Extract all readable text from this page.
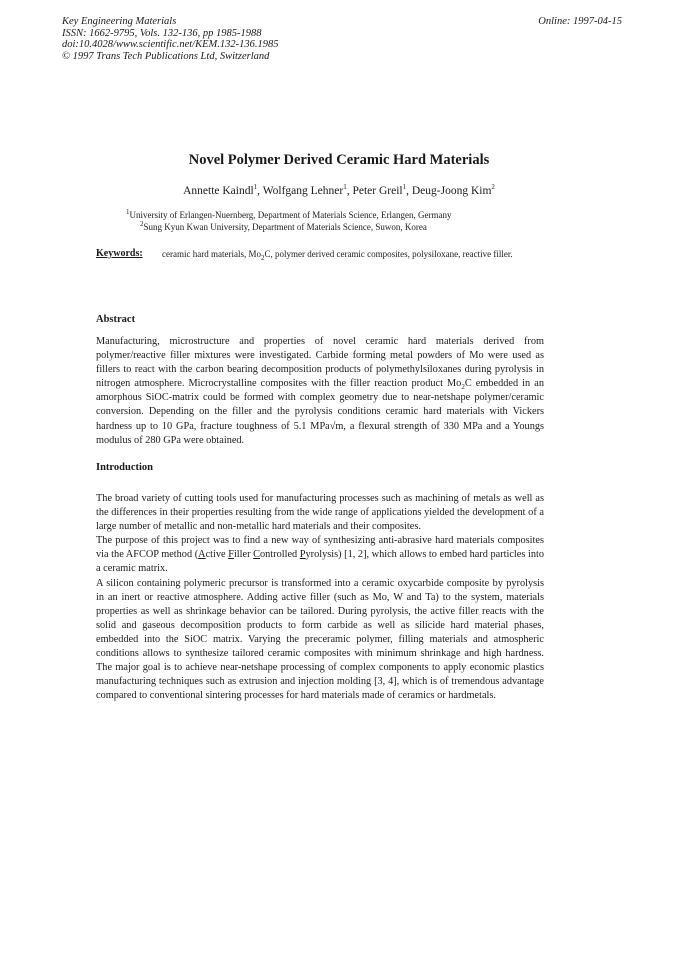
Key Engineering Materials
ISSN: 1662-9795, Vols. 132-136, pp 1985-1988
doi:10.4028/www.scientific.net/KEM.132-136.1985
© 1997 Trans Tech Publications Ltd, Switzerland
Online: 1997-04-15
Novel Polymer Derived Ceramic Hard Materials
Annette Kaindl$^1$, Wolfgang Lehner$^1$, Peter Greil$^1$, Deug-Joong Kim$^2$
$^1$University of Erlangen-Nuernberg, Department of Materials Science, Erlangen, Germany
$^2$Sung Kyun Kwan University, Department of Materials Science, Suwon, Korea
Keywords: ceramic hard materials, $Mo_2C$, polymer derived ceramic composites, polysiloxane, reactive filler.
Abstract

Manufacturing, microstructure and properties of novel ceramic hard materials derived from polymer/reactive filler mixtures were investigated. Carbide forming metal powders of Mo were used as fillers to react with the carbon bearing decomposition products of polymethylsiloxanes during pyrolysis in nitrogen atmosphere. Microcrystalline composites with the filler reaction product $Mo_2C$ embedded in an amorphous SiOC-matrix could be formed with complex geometry due to near-netshape polymer/ceramic conversion. Depending on the filler and the pyrolysis conditions ceramic hard materials with Vickers hardness up to 10 GPa, fracture toughness of 5.1 MPa√m, a flexural strength of 330 MPa and a Youngs modulus of 280 GPa were obtained.

Introduction

The broad variety of cutting tools used for manufacturing processes such as machining of metals as well as the differences in their properties resulting from the wide range of applications yielded the development of a large number of metallic and non-metallic hard materials and their composites.

The purpose of this project was to find a new way of synthesizing anti-abrasive hard materials composites via the AFCOP method (Active Filler Controlled Pyrolysis) [1, 2], which allows to embed hard particles into a ceramic matrix.

A silicon containing polymeric precursor is transformed into a ceramic oxycarbide composite by pyrolysis in an inert or reactive atmosphere. Adding active filler (such as Mo, W and Ta) to the system, materials properties as well as shrinkage behavior can be tailored. During pyrolysis, the active filler reacts with the solid and gaseous decomposition products to form carbide as well as silicide hard material phases, embedded into the SiOC matrix. Varying the preceramic polymer, filling materials and atmospheric conditions allows to synthesize tailored ceramic composites with minimum shrinkage and high hardness. The major goal is to achieve near-netshape processing of complex components to apply economic plastics manufacturing techniques such as extrusion and injection molding [3, 4], which is of tremendous advantage compared to conventional sintering processes for hard materials made of ceramics or hardmetals.
